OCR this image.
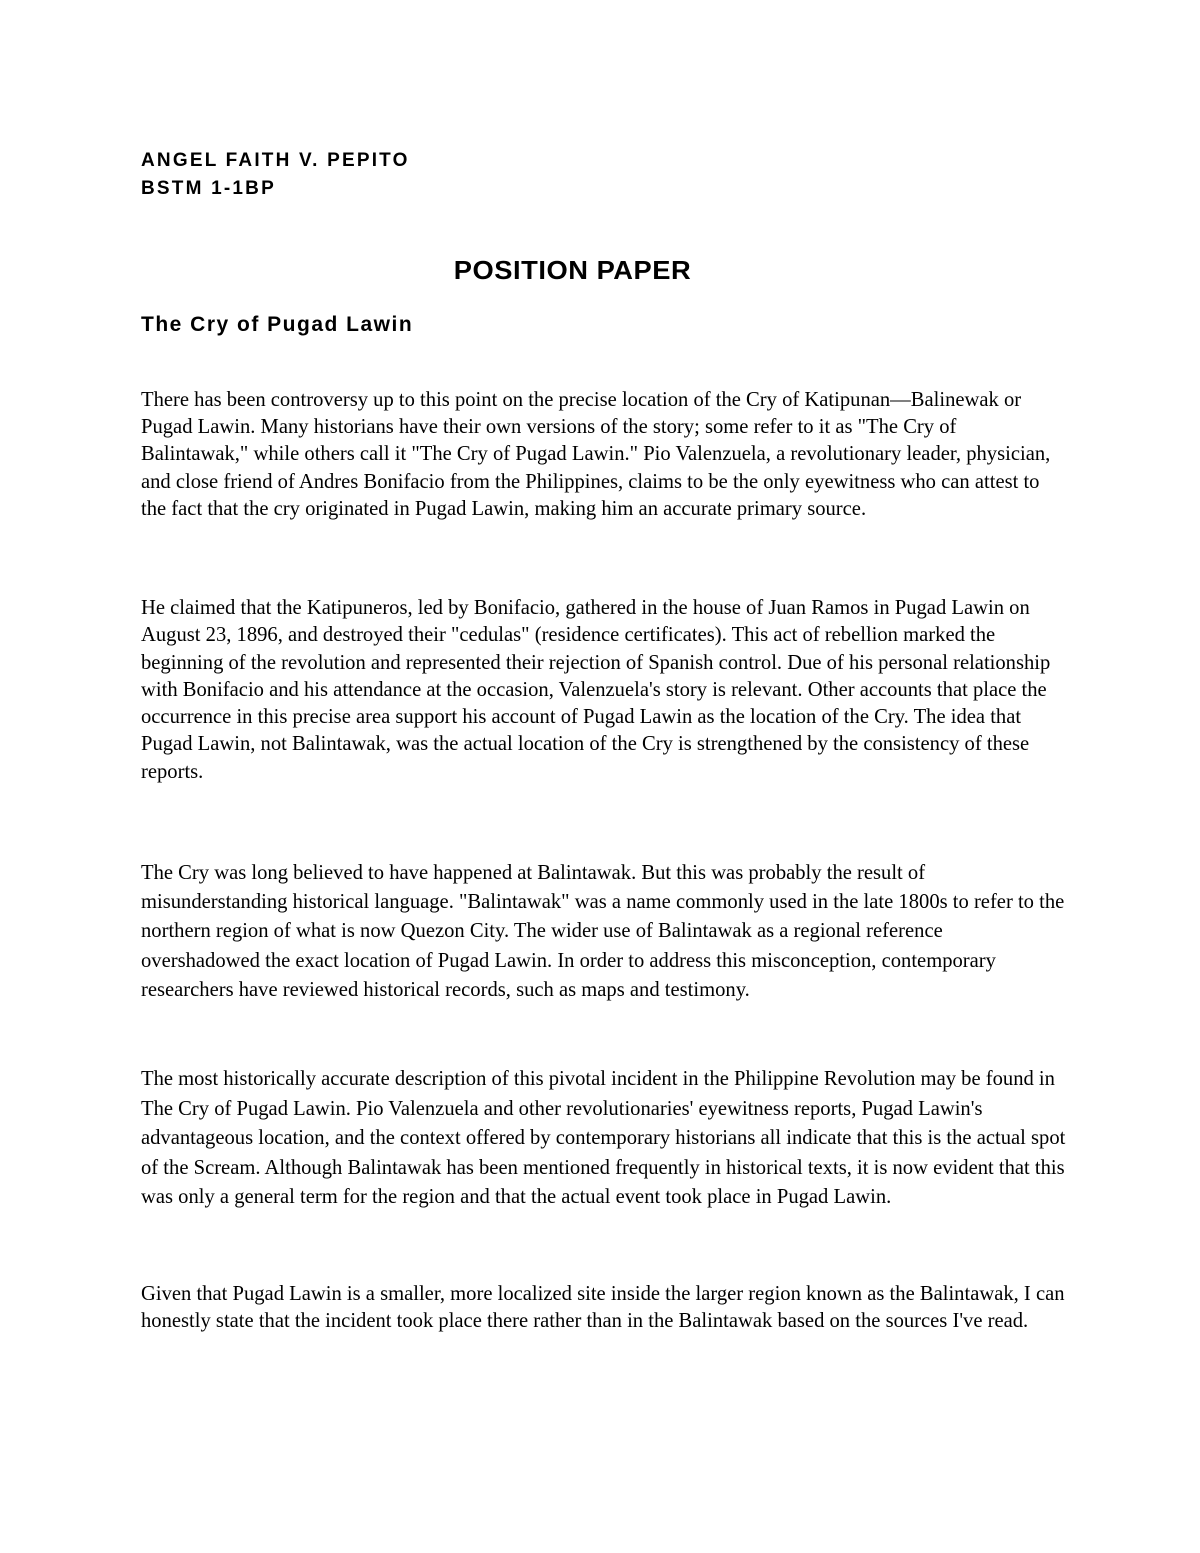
ANGEL FAITH V. PEPITO
BSTM 1-1BP
POSITION PAPER
The Cry of Pugad Lawin

There has been controversy up to this point on the precise location of the Cry of Katipunan—Balinewak or Pugad Lawin. Many historians have their own versions of the story; some refer to it as "The Cry of Balintawak," while others call it "The Cry of Pugad Lawin." Pio Valenzuela, a revolutionary leader, physician, and close friend of Andres Bonifacio from the Philippines, claims to be the only eyewitness who can attest to the fact that the cry originated in Pugad Lawin, making him an accurate primary source.

He claimed that the Katipuneros, led by Bonifacio, gathered in the house of Juan Ramos in Pugad Lawin on August 23, 1896, and destroyed their "cedulas" (residence certificates). This act of rebellion marked the beginning of the revolution and represented their rejection of Spanish control. Due of his personal relationship with Bonifacio and his attendance at the occasion, Valenzuela's story is relevant. Other accounts that place the occurrence in this precise area support his account of Pugad Lawin as the location of the Cry. The idea that Pugad Lawin, not Balintawak, was the actual location of the Cry is strengthened by the consistency of these reports.

The Cry was long believed to have happened at Balintawak. But this was probably the result of misunderstanding historical language. "Balintawak" was a name commonly used in the late 1800s to refer to the northern region of what is now Quezon City. The wider use of Balintawak as a regional reference overshadowed the exact location of Pugad Lawin. In order to address this misconception, contemporary researchers have reviewed historical records, such as maps and testimony.

The most historically accurate description of this pivotal incident in the Philippine Revolution may be found in The Cry of Pugad Lawin. Pio Valenzuela and other revolutionaries' eyewitness reports, Pugad Lawin's advantageous location, and the context offered by contemporary historians all indicate that this is the actual spot of the Scream. Although Balintawak has been mentioned frequently in historical texts, it is now evident that this was only a general term for the region and that the actual event took place in Pugad Lawin.

Given that Pugad Lawin is a smaller, more localized site inside the larger region known as the Balintawak, I can honestly state that the incident took place there rather than in the Balintawak based on the sources I've read.
